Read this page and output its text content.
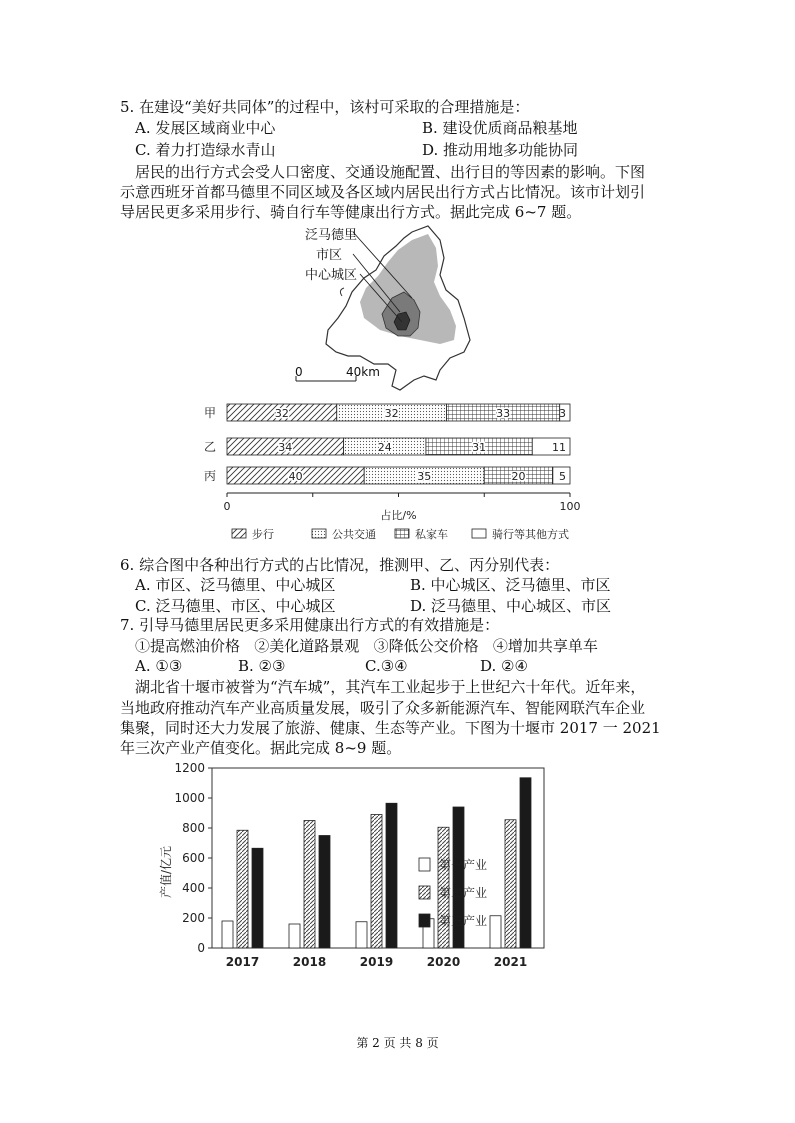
5. 在建设“美好共同体”的过程中，该村可采取的合理措施是：
A. 发展区域商业中心	B. 建设优质商品粮基地
C. 着力打造绿水青山	D. 推动用地多功能协同
居民的出行方式会受人口密度、交通设施配置、出行目的等因素的影响。下图
示意西班牙首都马德里不同区域及各区域内居民出行方式占比情况。该市计划引
导居民更多采用步行、骑自行车等健康出行方式。据此完成 6~7 题。
泛马德里
市区
中心城区
0	40km
甲	32	32	33	3
乙	34	24	31	11
丙	40	35	20	5
0	100
占比/%
步行	公共交通	私家车	骑行等其他方式
6. 综合图中各种出行方式的占比情况，推测甲、乙、丙分别代表：
A. 市区、泛马德里、中心城区	B. 中心城区、泛马德里、市区
C. 泛马德里、市区、中心城区	D. 泛马德里、中心城区、市区
7. 引导马德里居民更多采用健康出行方式的有效措施是：
①提高燃油价格   ②美化道路景观   ③降低公交价格   ④增加共享单车
A. ①③	B. ②③	C.③④	D. ②④
湖北省十堰市被誉为“汽车城”，其汽车工业起步于上世纪六十年代。近年来，
当地政府推动汽车产业高质量发展，吸引了众多新能源汽车、智能网联汽车企业
集聚，同时还大力发展了旅游、健康、生态等产业。下图为十堰市 2017 一 2021
年三次产业产值变化。据此完成 8~9 题。
0
200
400
600
800
1000
1200
2017	2018	2019	2020	2021
第一产业
第二产业
第三产业
产值/亿元
第 2 页 共 8 页
